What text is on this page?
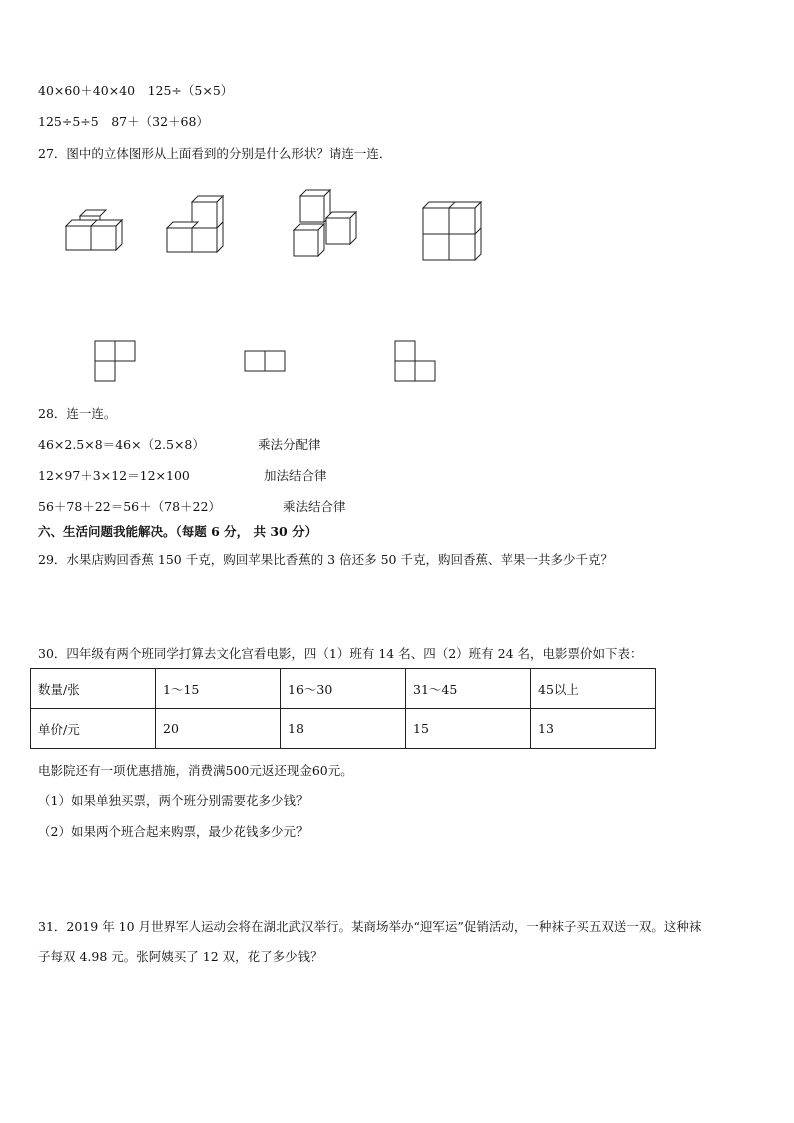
40×60＋40×40　125÷（5×5）
125÷5÷5　87＋（32＋68）
27．图中的立体图形从上面看到的分别是什么形状？请连一连．
28．连一连。
46×2.5×8＝46×（2.5×8）	乘法分配律
12×97＋3×12＝12×100	加法结合律
56＋78＋22＝56＋（78＋22）	乘法结合律
六、生活问题我能解决。（每题 6 分， 共 30 分）
29．水果店购回香蕉 150 千克，购回苹果比香蕉的 3 倍还多 50 千克，购回香蕉、苹果一共多少千克？
30．四年级有两个班同学打算去文化宫看电影，四（1）班有 14 名、四（2）班有 24 名，电影票价如下表：
数量/张	1～15	16～30	31～45	45以上
单价/元	20	18	15	13
电影院还有一项优惠措施，消费满500元返还现金60元。
（1）如果单独买票，两个班分别需要花多少钱？
（2）如果两个班合起来购票，最少花钱多少元？
31．2019 年 10 月世界军人运动会将在湖北武汉举行。某商场举办“迎军运”促销活动，一种袜子买五双送一双。这种袜
子每双 4.98 元。张阿姨买了 12 双，花了多少钱？
